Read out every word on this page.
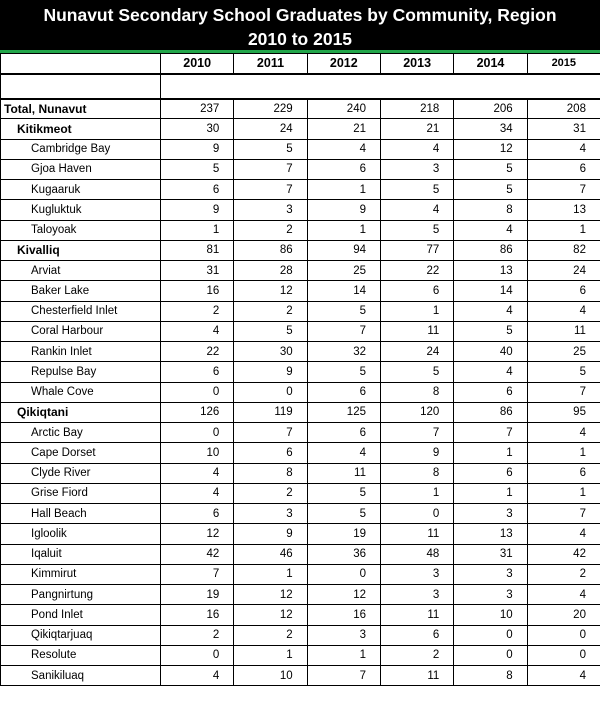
Nunavut Secondary School Graduates by Community, Region
2010 to 2015
	2010	2011	2012	2013	2014	2015

Total, Nunavut	237	229	240	218	206	208
Kitikmeot	30	24	21	21	34	31
Cambridge Bay	9	5	4	4	12	4
Gjoa Haven	5	7	6	3	5	6
Kugaaruk	6	7	1	5	5	7
Kugluktuk	9	3	9	4	8	13
Taloyoak	1	2	1	5	4	1
Kivalliq	81	86	94	77	86	82
Arviat	31	28	25	22	13	24
Baker Lake	16	12	14	6	14	6
Chesterfield Inlet	2	2	5	1	4	4
Coral Harbour	4	5	7	11	5	11
Rankin Inlet	22	30	32	24	40	25
Repulse Bay	6	9	5	5	4	5
Whale Cove	0	0	6	8	6	7
Qikiqtani	126	119	125	120	86	95
Arctic Bay	0	7	6	7	7	4
Cape Dorset	10	6	4	9	1	1
Clyde River	4	8	11	8	6	6
Grise Fiord	4	2	5	1	1	1
Hall Beach	6	3	5	0	3	7
Igloolik	12	9	19	11	13	4
Iqaluit	42	46	36	48	31	42
Kimmirut	7	1	0	3	3	2
Pangnirtung	19	12	12	3	3	4
Pond Inlet	16	12	16	11	10	20
Qikiqtarjuaq	2	2	3	6	0	0
Resolute	0	1	1	2	0	0
Sanikiluaq	4	10	7	11	8	4
